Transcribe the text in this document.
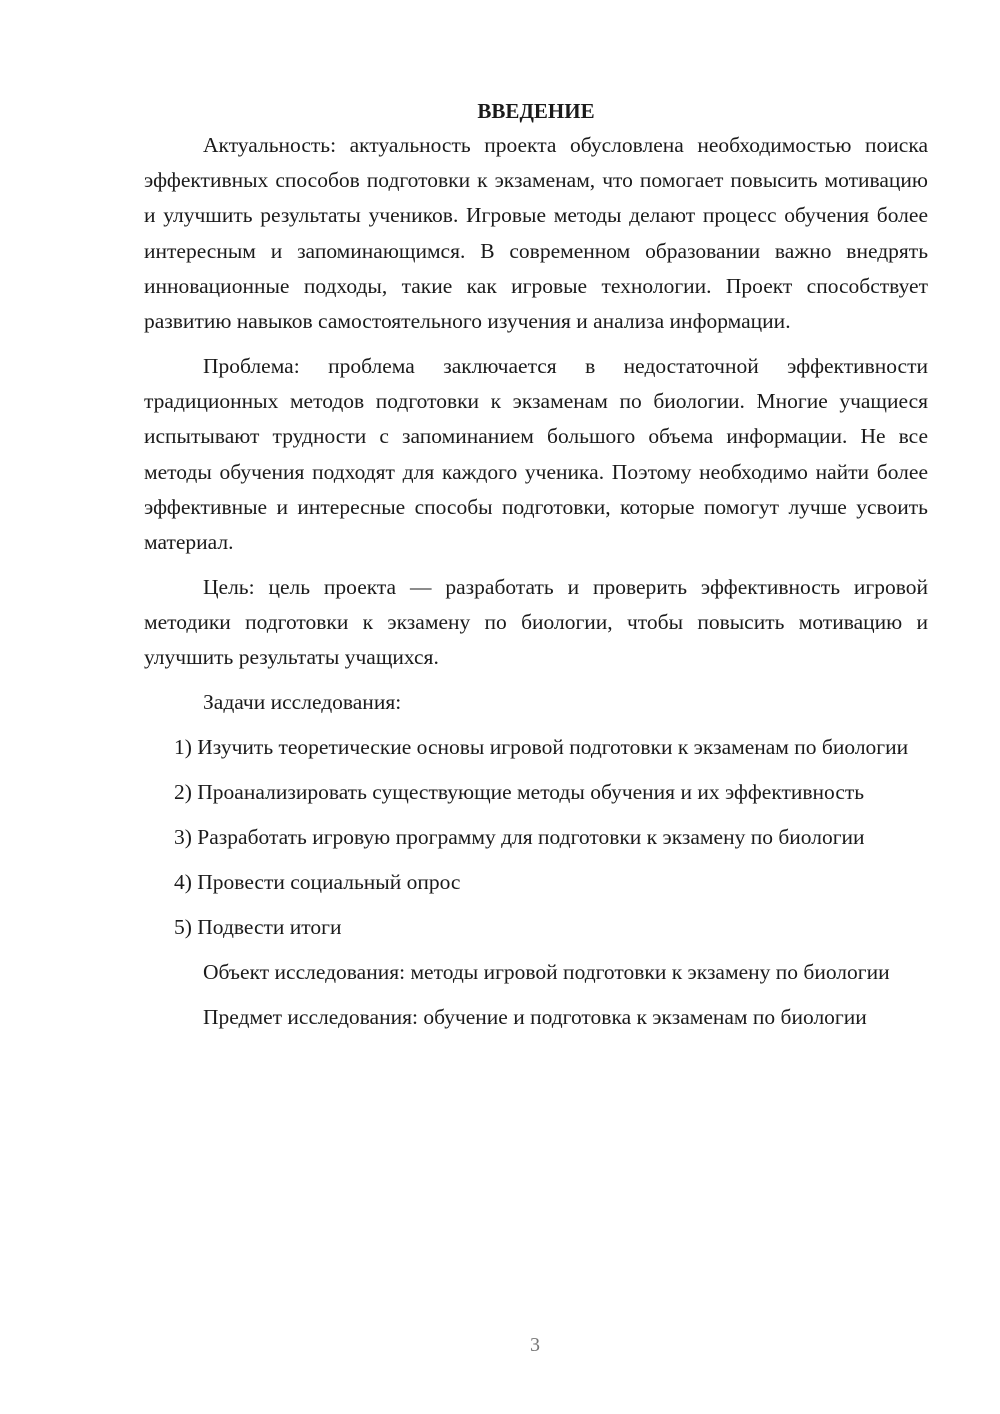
ВВЕДЕНИЕ

Актуальность: актуальность проекта обусловлена необходимостью поиска эффективных способов подготовки к экзаменам, что помогает повысить мотивацию и улучшить результаты учеников. Игровые методы делают процесс обучения более интересным и запоминающимся. В современном образовании важно внедрять инновационные подходы, такие как игровые технологии. Проект способствует развитию навыков самостоятельного изучения и анализа информации.

Проблема: проблема заключается в недостаточной эффективности традиционных методов подготовки к экзаменам по биологии. Многие учащиеся испытывают трудности с запоминанием большого объема информации. Не все методы обучения подходят для каждого ученика. Поэтому необходимо найти более эффективные и интересные способы подготовки, которые помогут лучше усвоить материал.

Цель: цель проекта — разработать и проверить эффективность игровой методики подготовки к экзамену по биологии, чтобы повысить мотивацию и улучшить результаты учащихся.

Задачи исследования:

1) Изучить теоретические основы игровой подготовки к экзаменам по биологии

2) Проанализировать существующие методы обучения и их эффективность

3) Разработать игровую программу для подготовки к экзамену по биологии

4) Провести социальный опрос

5) Подвести итоги

Объект исследования: методы игровой подготовки к экзамену по биологии

Предмет исследования: обучение и подготовка к экзаменам по биологии

3
